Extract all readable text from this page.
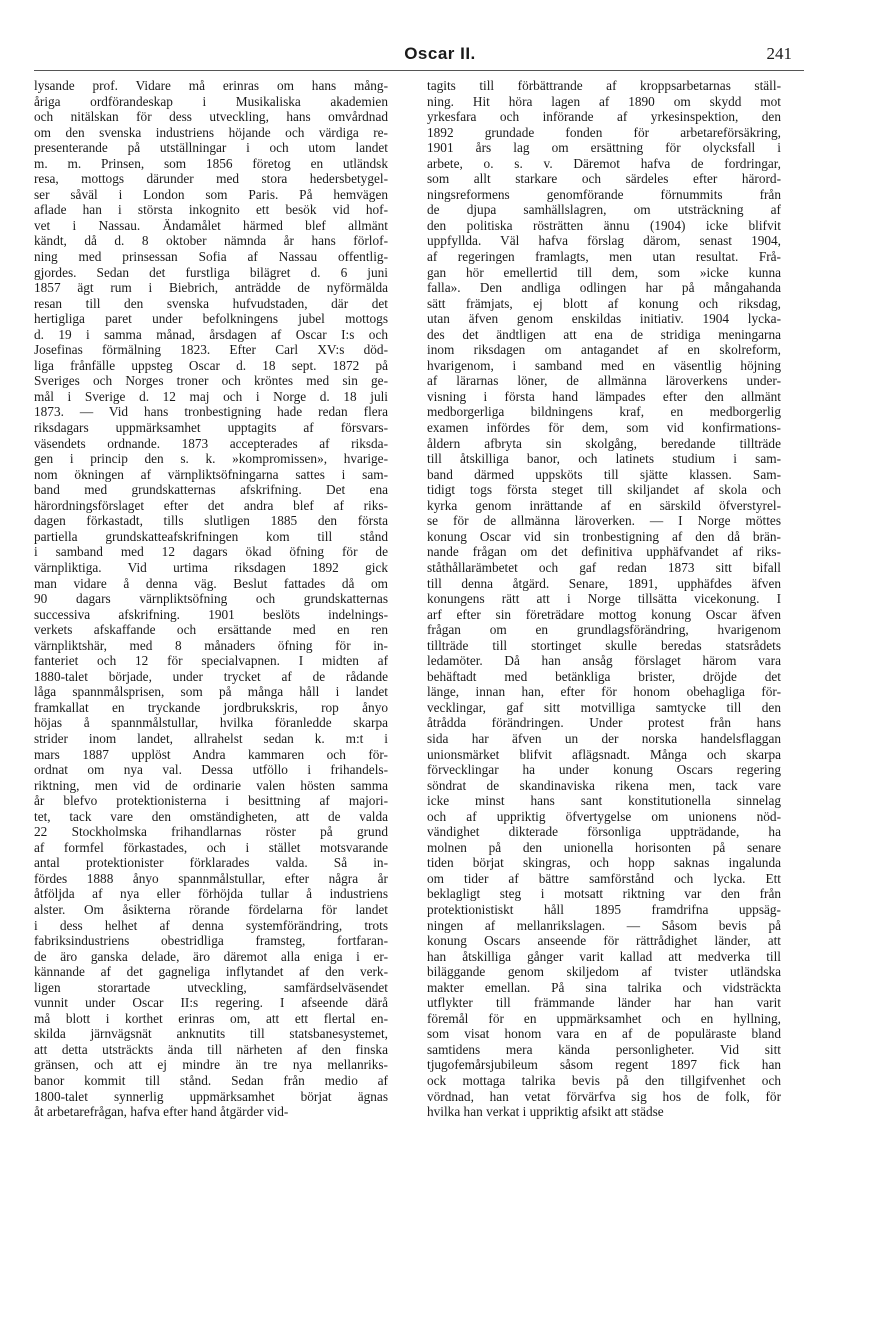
Oscar II.	241
lysande prof. Vidare må erinras om hans mång-
åriga ordförandeskap i Musikaliska akademien
och nitälskan för dess utveckling, hans omvårdnad
om den svenska industriens höjande och värdiga re-
presenterande på utställningar i och utom landet
m. m. Prinsen, som 1856 företog en utländsk
resa, mottogs därunder med stora hedersbetygel-
ser såväl i London som Paris. På hemvägen
aflade han i största inkognito ett besök vid hof-
vet i Nassau. Ändamålet härmed blef allmänt
kändt, då d. 8 oktober nämnda år hans förlof-
ning med prinsessan Sofia af Nassau offentlig-
gjordes. Sedan det furstliga bilägret d. 6 juni
1857 ägt rum i Biebrich, anträdde de nyförmälda
resan till den svenska hufvudstaden, där det
hertigliga paret under befolkningens jubel mottogs
d. 19 i samma månad, årsdagen af Oscar I:s och
Josefinas förmälning 1823. Efter Carl XV:s död-
liga frånfälle uppsteg Oscar d. 18 sept. 1872 på
Sveriges och Norges troner och kröntes med sin ge-
mål i Sverige d. 12 maj och i Norge d. 18 juli
1873. — Vid hans tronbestigning hade redan flera
riksdagars uppmärksamhet upptagits af försvars-
väsendets ordnande. 1873 accepterades af riksda-
gen i princip den s. k. »kompromissen», hvarige-
nom ökningen af värnpliktsöfningarna sattes i sam-
band med grundskatternas afskrifning. Det ena
härordningsförslaget efter det andra blef af riks-
dagen förkastadt, tills slutligen 1885 den första
partiella grundskatteafskrifningen kom till stånd
i samband med 12 dagars ökad öfning för de
värnpliktiga. Vid urtima riksdagen 1892 gick
man vidare å denna väg. Beslut fattades då om
90 dagars värnpliktsöfning och grundskatternas
successiva afskrifning. 1901 beslöts indelnings-
verkets afskaffande och ersättande med en ren
värnpliktshär, med 8 månaders öfning för in-
fanteriet och 12 för specialvapnen. I midten af
1880-talet började, under trycket af de rådande
låga spannmålsprisen, som på många håll i landet
framkallat en tryckande jordbrukskris, rop ånyo
höjas å spannmålstullar, hvilka föranledde skarpa
strider inom landet, allrahelst sedan k. m:t i
mars 1887 upplöst Andra kammaren och för-
ordnat om nya val. Dessa utföllo i frihandels-
riktning, men vid de ordinarie valen hösten samma
år blefvo protektionisterna i besittning af majori-
tet, tack vare den omständigheten, att de valda
22 Stockholmska frihandlarnas röster på grund
af formfel förkastades, och i stället motsvarande
antal protektionister förklarades valda. Så in-
fördes 1888 ånyo spannmålstullar, efter några år
åtföljda af nya eller förhöjda tullar å industriens
alster. Om åsikterna rörande fördelarna för landet
i dess helhet af denna systemförändring, trots
fabriksindustriens obestridliga framsteg, fortfaran-
de äro ganska delade, äro däremot alla eniga i er-
kännande af det gagneliga inflytandet af den verk-
ligen storartade utveckling, samfärdselväsendet
vunnit under Oscar II:s regering. I afseende därå
må blott i korthet erinras om, att ett flertal en-
skilda järnvägsnät anknutits till statsbanesystemet,
att detta utsträckts ända till närheten af den finska
gränsen, och att ej mindre än tre nya mellanriks-
banor kommit till stånd. Sedan från medio af
1800-talet synnerlig uppmärksamhet börjat ägnas
åt arbetarefrågan, hafva efter hand åtgärder vid-
tagits till förbättrande af kroppsarbetarnas ställ-
ning. Hit höra lagen af 1890 om skydd mot
yrkesfara och införande af yrkesinspektion, den
1892 grundade fonden för arbetareförsäkring,
1901 års lag om ersättning för olycksfall i
arbete, o. s. v. Däremot hafva de fordringar,
som allt starkare och särdeles efter härord-
ningsreformens genomförande förnummits från
de djupa samhällslagren, om utsträckning af
den politiska rösträtten ännu (1904) icke blifvit
uppfyllda. Väl hafva förslag därom, senast 1904,
af regeringen framlagts, men utan resultat. Frå-
gan hör emellertid till dem, som »icke kunna
falla». Den andliga odlingen har på mångahanda
sätt främjats, ej blott af konung och riksdag,
utan äfven genom enskildas initiativ. 1904 lycka-
des det ändtligen att ena de stridiga meningarna
inom riksdagen om antagandet af en skolreform,
hvarigenom, i samband med en väsentlig höjning
af lärarnas löner, de allmänna läroverkens under-
visning i första hand lämpades efter den allmänt
medborgerliga bildningens kraf, en medborgerlig
examen infördes för dem, som vid konfirmations-
åldern afbryta sin skolgång, beredande tillträde
till åtskilliga banor, och latinets studium i sam-
band därmed uppsköts till sjätte klassen. Sam-
tidigt togs första steget till skiljandet af skola och
kyrka genom inrättande af en särskild öfverstyrel-
se för de allmänna läroverken. — I Norge möttes
konung Oscar vid sin tronbestigning af den då brän-
nande frågan om det definitiva upphäfvandet af riks-
ståthållarämbetet och gaf redan 1873 sitt bifall
till denna åtgärd. Senare, 1891, upphäfdes äfven
konungens rätt att i Norge tillsätta vicekonung. I
arf efter sin företrädare mottog konung Oscar äfven
frågan om en grundlagsförändring, hvarigenom
tillträde till stortinget skulle beredas statsrådets
ledamöter. Då han ansåg förslaget härom vara
behäftadt med betänkliga brister, dröjde det
länge, innan han, efter för honom obehagliga för-
vecklingar, gaf sitt motvilliga samtycke till den
åtrådda förändringen. Under protest från hans
sida har äfven un der norska handelsflaggan
unionsmärket blifvit aflägsnadt. Många och skarpa
förvecklingar ha under konung Oscars regering
söndrat de skandinaviska rikena men, tack vare
icke minst hans sant konstitutionella sinnelag
och af uppriktig öfvertygelse om unionens nöd-
vändighet dikterade försonliga uppträdande, ha
molnen på den unionella horisonten på senare
tiden börjat skingras, och hopp saknas ingalunda
om tider af bättre samförstånd och lycka. Ett
beklagligt steg i motsatt riktning var den från
protektionistiskt håll 1895 framdrifna uppsäg-
ningen af mellanrikslagen. — Såsom bevis på
konung Oscars anseende för rättrådighet länder, att
han åtskilliga gånger varit kallad att medverka till
biläggande genom skiljedom af tvister utländska
makter emellan. På sina talrika och vidsträckta
utflykter till främmande länder har han varit
föremål för en uppmärksamhet och en hyllning,
som visat honom vara en af de populäraste bland
samtidens mera kända personligheter. Vid sitt
tjugofemårsjubileum såsom regent 1897 fick han
ock mottaga talrika bevis på den tillgifvenhet och
vördnad, han vetat förvärfva sig hos de folk, för
hvilka han verkat i uppriktig afsikt att städse
